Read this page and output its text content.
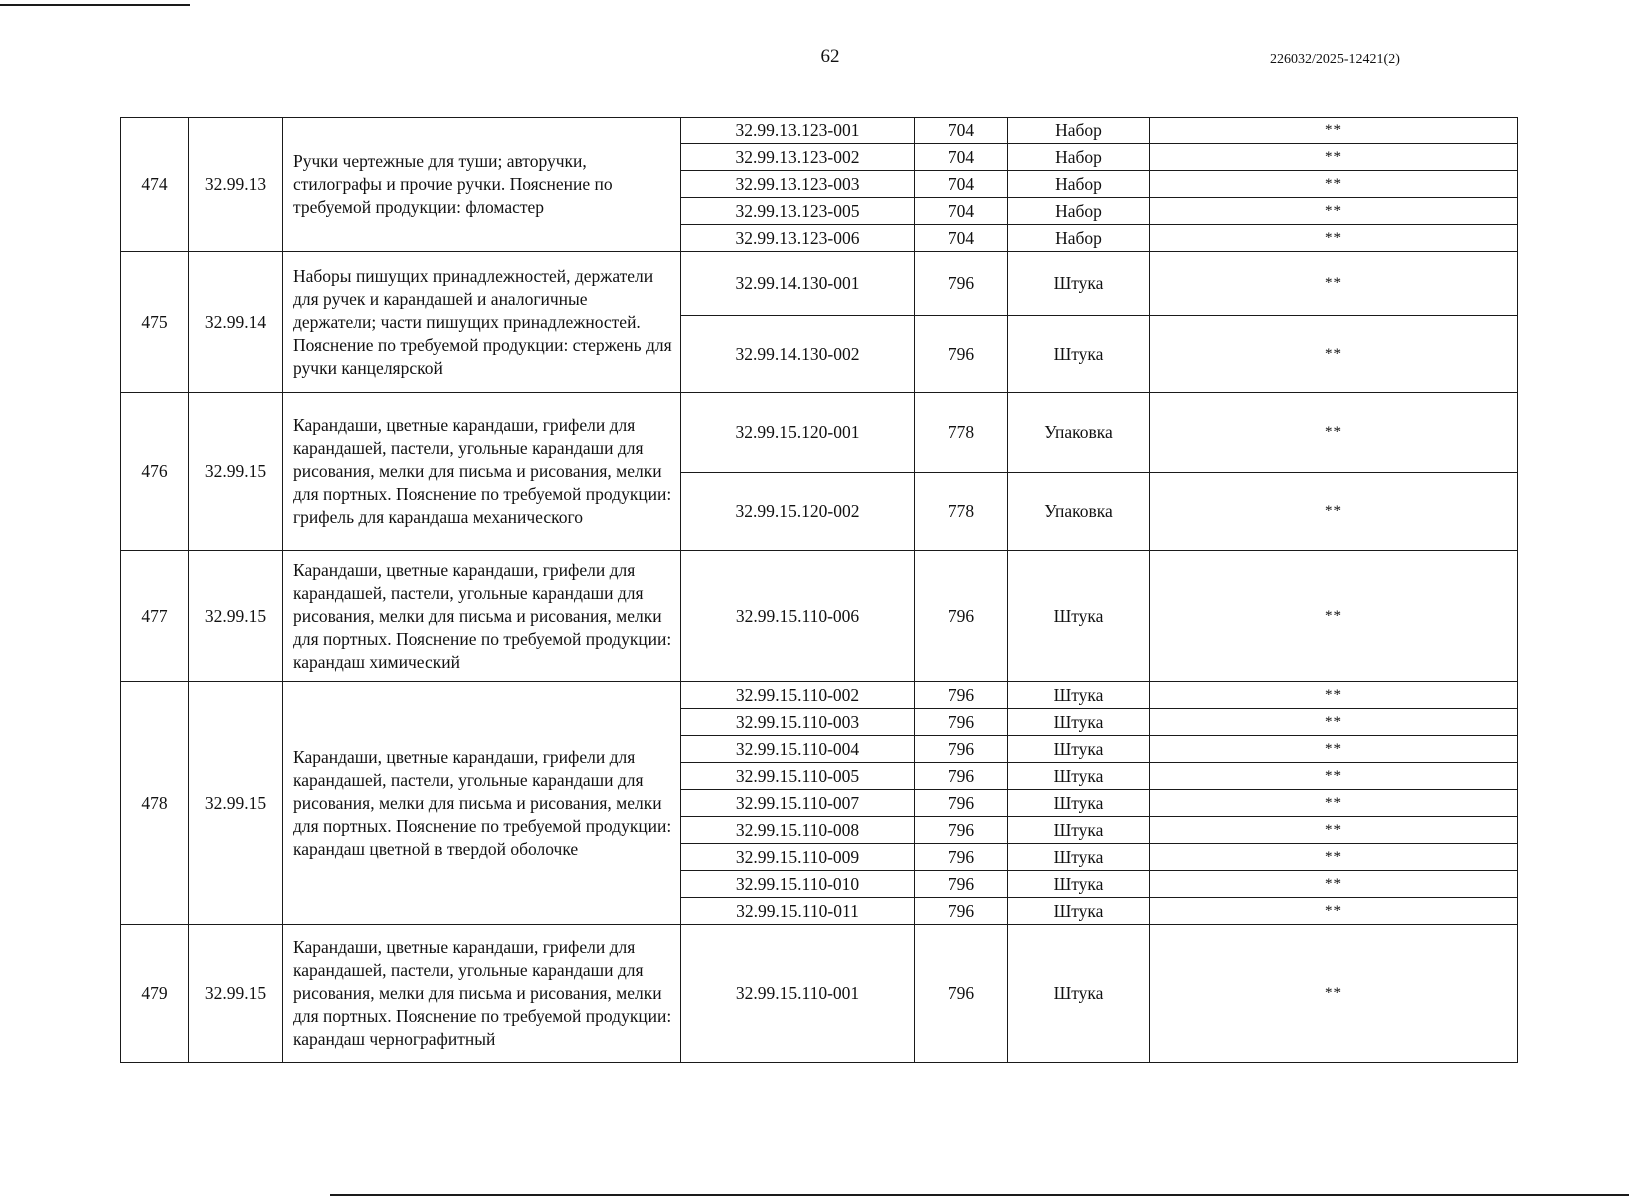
62	226032/2025-12421(2)
474	32.99.13	Ручки чертежные для туши; авторучки, стилографы и прочие ручки. Пояснение по требуемой продукции: фломастер	32.99.13.123-001	704	Набор	**
			32.99.13.123-002	704	Набор	**
			32.99.13.123-003	704	Набор	**
			32.99.13.123-005	704	Набор	**
			32.99.13.123-006	704	Набор	**
475	32.99.14	Наборы пишущих принадлежностей, держатели для ручек и карандашей и аналогичные держатели; части пишущих принадлежностей. Пояснение по требуемой продукции: стержень для ручки канцелярской	32.99.14.130-001	796	Штука	**
			32.99.14.130-002	796	Штука	**
476	32.99.15	Карандаши, цветные карандаши, грифели для карандашей, пастели, угольные карандаши для рисования, мелки для письма и рисования, мелки для портных. Пояснение по требуемой продукции: грифель для карандаша механического	32.99.15.120-001	778	Упаковка	**
			32.99.15.120-002	778	Упаковка	**
477	32.99.15	Карандаши, цветные карандаши, грифели для карандашей, пастели, угольные карандаши для рисования, мелки для письма и рисования, мелки для портных. Пояснение по требуемой продукции: карандаш химический	32.99.15.110-006	796	Штука	**
478	32.99.15	Карандаши, цветные карандаши, грифели для карандашей, пастели, угольные карандаши для рисования, мелки для письма и рисования, мелки для портных. Пояснение по требуемой продукции: карандаш цветной в твердой оболочке	32.99.15.110-002	796	Штука	**
			32.99.15.110-003	796	Штука	**
			32.99.15.110-004	796	Штука	**
			32.99.15.110-005	796	Штука	**
			32.99.15.110-007	796	Штука	**
			32.99.15.110-008	796	Штука	**
			32.99.15.110-009	796	Штука	**
			32.99.15.110-010	796	Штука	**
			32.99.15.110-011	796	Штука	**
479	32.99.15	Карандаши, цветные карандаши, грифели для карандашей, пастели, угольные карандаши для рисования, мелки для письма и рисования, мелки для портных. Пояснение по требуемой продукции: карандаш чернографитный	32.99.15.110-001	796	Штука	**
